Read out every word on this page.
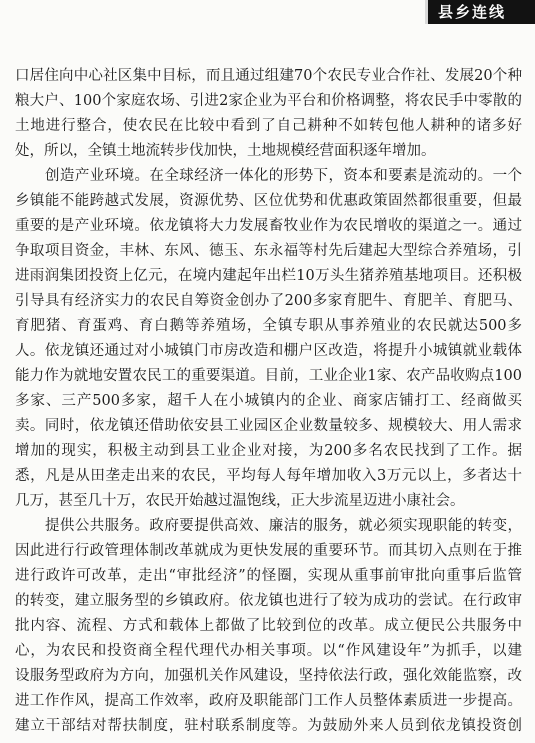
县乡连线
口居住向中心社区集中目标，而且通过组建70个农民专业合作社、发展20个种
粮大户、100个家庭农场、引进2家企业为平台和价格调整，将农民手中零散的
土地进行整合，使农民在比较中看到了自己耕种不如转包他人耕种的诸多好
处，所以，全镇土地流转步伐加快，土地规模经营面积逐年增加。
创造产业环境。在全球经济一体化的形势下，资本和要素是流动的。一个
乡镇能不能跨越式发展，资源优势、区位优势和优惠政策固然都很重要，但最
重要的是产业环境。依龙镇将大力发展畜牧业作为农民增收的渠道之一。通过
争取项目资金，丰林、东风、德玉、东永福等村先后建起大型综合养殖场，引
进雨润集团投资上亿元，在境内建起年出栏10万头生猪养殖基地项目。还积极
引导具有经济实力的农民自筹资金创办了200多家育肥牛、育肥羊、育肥马、
育肥猪、育蛋鸡、育白鹅等养殖场，全镇专职从事养殖业的农民就达500多
人。依龙镇还通过对小城镇门市房改造和棚户区改造，将提升小城镇就业载体
能力作为就地安置农民工的重要渠道。目前，工业企业1家、农产品收购点100
多家、三产500多家，超千人在小城镇内的企业、商家店铺打工、经商做买
卖。同时，依龙镇还借助依安县工业园区企业数量较多、规模较大、用人需求
增加的现实，积极主动到县工业企业对接，为200多名农民找到了工作。据
悉，凡是从田垄走出来的农民，平均每人每年增加收入3万元以上，多者达十
几万，甚至几十万，农民开始越过温饱线，正大步流星迈进小康社会。
提供公共服务。政府要提供高效、廉洁的服务，就必须实现职能的转变，
因此进行行政管理体制改革就成为更快发展的重要环节。而其切入点则在于推
进行政许可改革，走出“审批经济”的怪圈，实现从重事前审批向重事后监管
的转变，建立服务型的乡镇政府。依龙镇也进行了较为成功的尝试。在行政审
批内容、流程、方式和载体上都做了比较到位的改革。成立便民公共服务中
心，为农民和投资商全程代理代办相关事项。以“作风建设年”为抓手，以建
设服务型政府为方向，加强机关作风建设，坚持依法行政，强化效能监察，改
进工作作风，提高工作效率，政府及职能部门工作人员整体素质进一步提高。
建立干部结对帮扶制度，驻村联系制度等。为鼓励外来人员到依龙镇投资创
